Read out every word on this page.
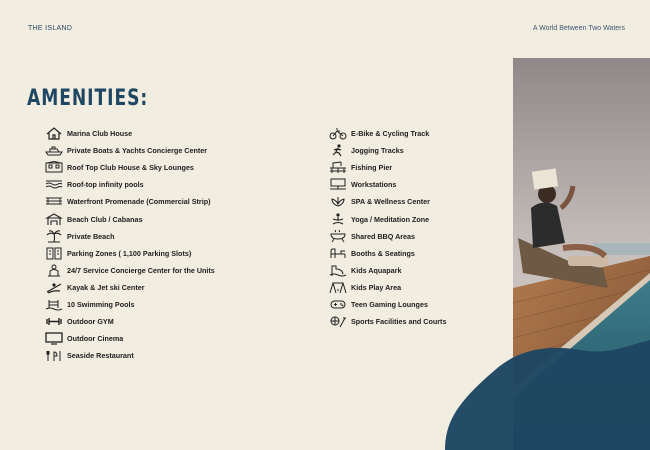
THE ISLAND	A World Between Two Waters
AMENITIES:
Marina Club House
Private Boats & Yachts Concierge Center
Roof Top Club House & Sky Lounges
Roof-top infinity pools
Waterfront Promenade (Commercial Strip)
Beach Club / Cabanas
Private Beach
Parking Zones ( 1,100 Parking Slots)
24/7 Service Concierge Center for the Units
Kayak & Jet ski Center
10 Swimming Pools
Outdoor GYM
Outdoor Cinema
Seaside Restaurant
E-Bike & Cycling Track
Jogging Tracks
Fishing Pier
Workstations
SPA & Wellness Center
Yoga / Meditation Zone
Shared BBQ Areas
Booths & Seatings
Kids Aquapark
Kids Play Area
Teen Gaming Lounges
Sports Facilities and Courts
